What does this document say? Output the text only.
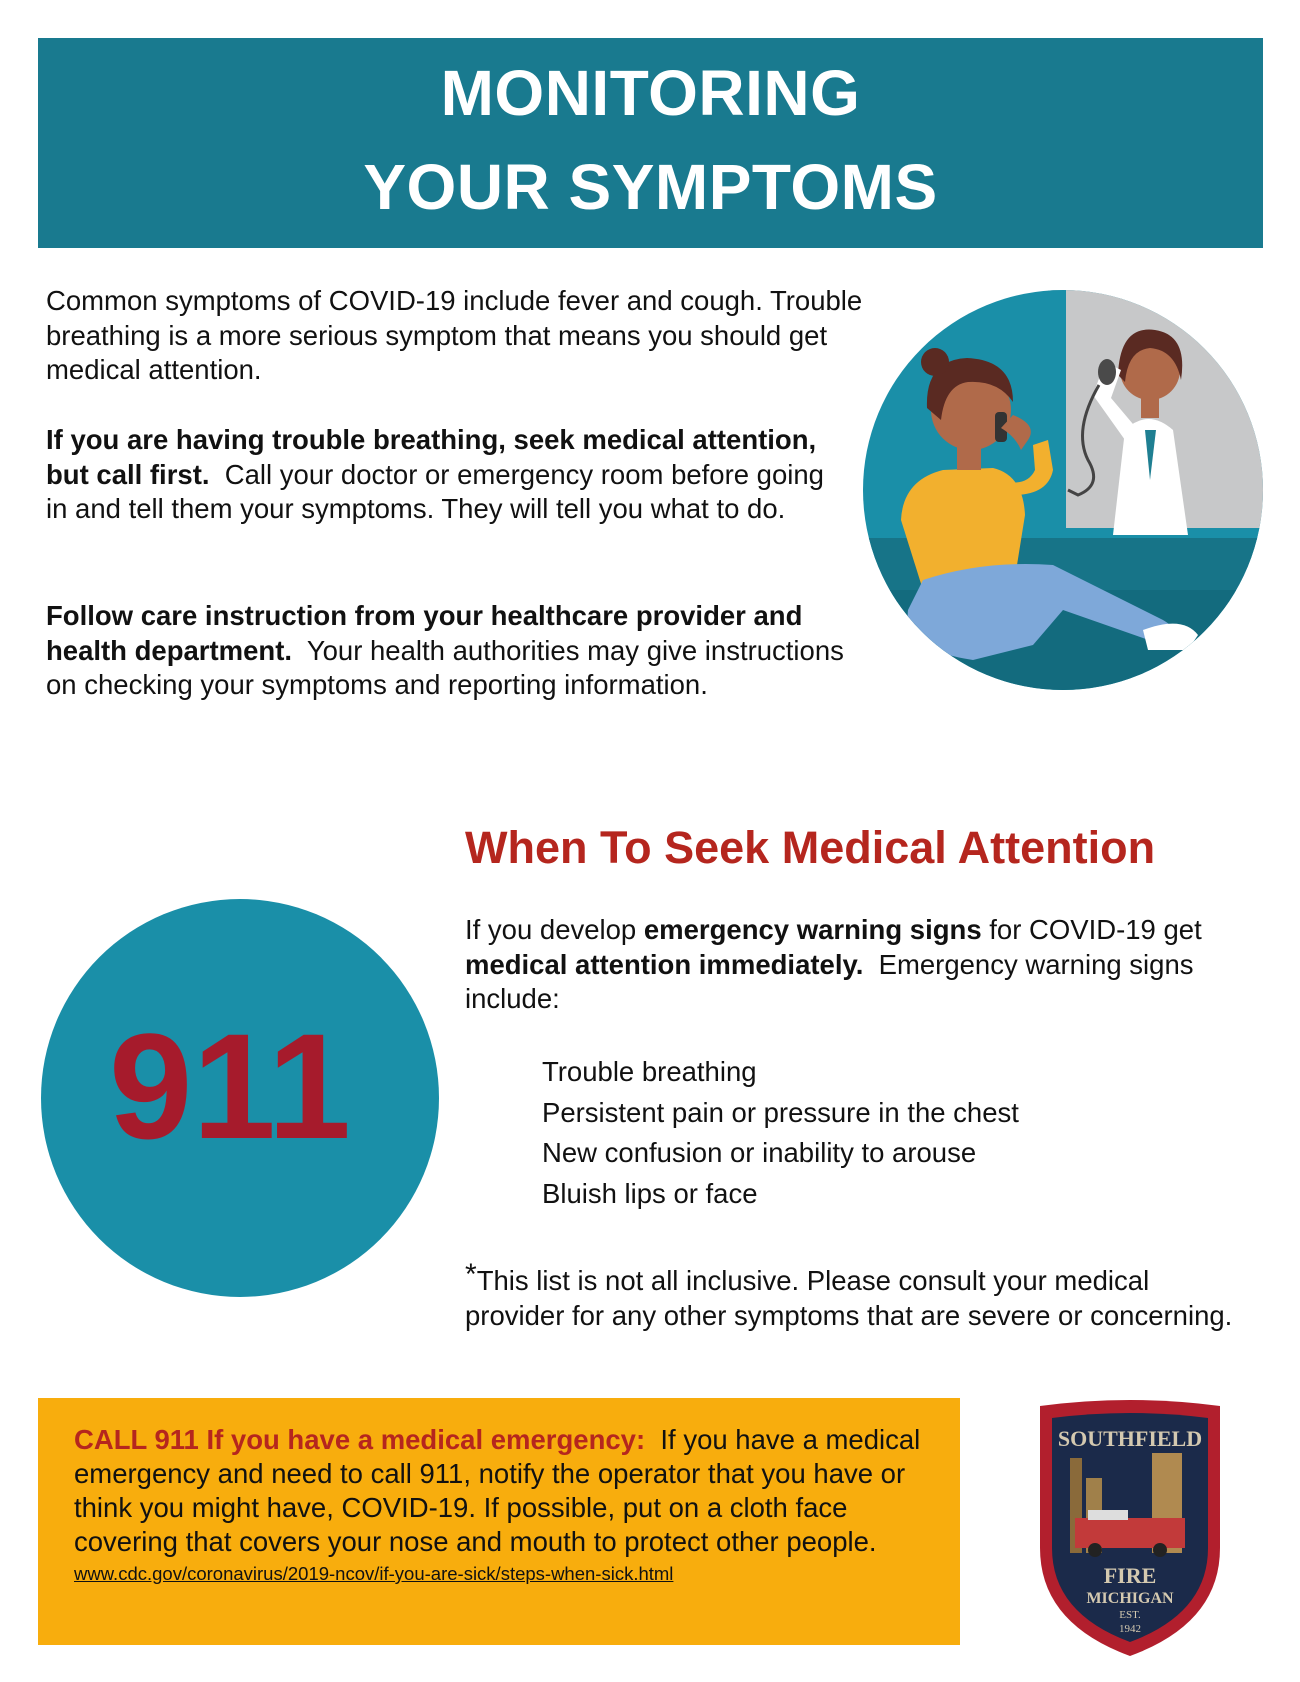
MONITORING
YOUR SYMPTOMS

Common symptoms of COVID-19 include fever and cough. Trouble breathing is a more serious symptom that means you should get medical attention.

If you are having trouble breathing, seek medical attention, but call first. Call your doctor or emergency room before going in and tell them your symptoms. They will tell you what to do.

Follow care instruction from your healthcare provider and health department. Your health authorities may give instructions on checking your symptoms and reporting information.

When To Seek Medical Attention

If you develop emergency warning signs for COVID-19 get medical attention immediately. Emergency warning signs include:

Trouble breathing
Persistent pain or pressure in the chest
New confusion or inability to arouse
Bluish lips or face

*This list is not all inclusive. Please consult your medical provider for any other symptoms that are severe or concerning.

911

CALL 911 If you have a medical emergency: If you have a medical emergency and need to call 911, notify the operator that you have or think you might have, COVID-19. If possible, put on a cloth face covering that covers your nose and mouth to protect other people.

www.cdc.gov/coronavirus/2019-ncov/if-you-are-sick/steps-when-sick.html
SOUTHFIELD
FIRE
MICHIGAN
EST.
1942
